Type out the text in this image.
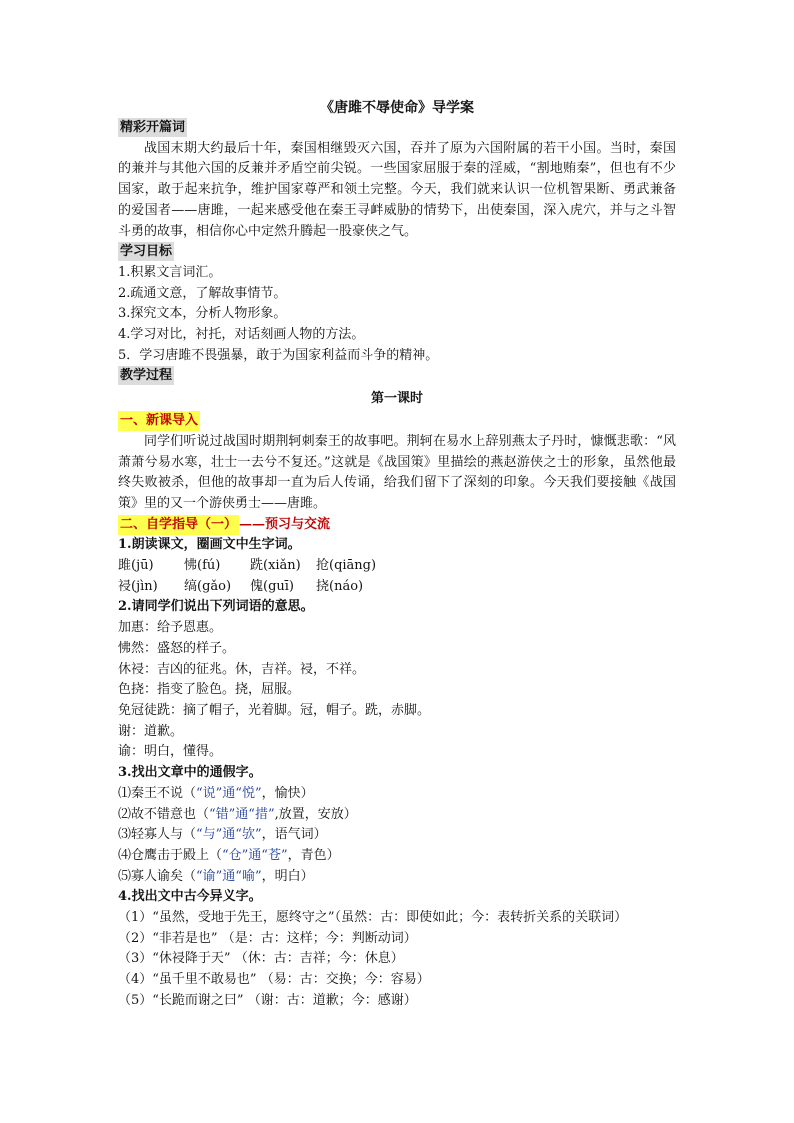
《唐雎不辱使命》导学案
精彩开篇词
战国末期大约最后十年，秦国相继毁灭六国，吞并了原为六国附属的若干小国。当时，秦国的兼并与其他六国的反兼并矛盾空前尖锐。一些国家屈服于秦的淫威，“割地贿秦”，但也有不少国家，敢于起来抗争，维护国家尊严和领土完整。今天，我们就来认识一位机智果断、勇武兼备的爱国者——唐雎，一起来感受他在秦王寻衅威胁的情势下，出使秦国，深入虎穴，并与之斗智斗勇的故事，相信你心中定然升腾起一股豪侠之气。
学习目标
1.积累文言词汇。
2.疏通文意，了解故事情节。
3.探究文本，分析人物形象。
4.学习对比，衬托，对话刻画人物的方法。
5．学习唐雎不畏强暴，敢于为国家利益而斗争的精神。
教学过程
第一课时
一、新课导入
同学们听说过战国时期荆轲刺秦王的故事吧。荆轲在易水上辞别燕太子丹时，慷慨悲歌：“风萧萧兮易水寒，壮士一去兮不复还。”这就是《战国策》里描绘的燕赵游侠之士的形象，虽然他最终失败被杀，但他的故事却一直为后人传诵，给我们留下了深刻的印象。今天我们要接触《战国策》里的又一个游侠勇士——唐雎。
二、自学指导（一） ——预习与交流
1.朗读课文，圈画文中生字词。
雎(jū)	怫(fú)	跣(xiǎn)	抢(qiāng)
祲(jìn)	缟(gǎo)	傀(guī)	挠(náo)
2.请同学们说出下列词语的意思。
加惠：给予恩惠。
怫然：盛怒的样子。
休祲：吉凶的征兆。休，吉祥。祲，不祥。
色挠：指变了脸色。挠，屈服。
免冠徒跣：摘了帽子，光着脚。冠，帽子。跣，赤脚。
谢：道歉。
谕：明白，懂得。
3.找出文章中的通假字。
⑴秦王不说（“说”通“悦”，愉快）
⑵故不错意也（“错”通“措”,放置，安放）
⑶轻寡人与（“与”通“欤”，语气词）
⑷仓鹰击于殿上（“仓”通“苍”，青色）
⑸寡人谕矣（“谕”通“喻”，明白）
4.找出文中古今异义字。
（1）“虽然，受地于先王，愿终守之”（虽然：古：即使如此；今：表转折关系的关联词）
（2）“非若是也” （是：古：这样；今：判断动词）
（3）“休祲降于天” （休：古：吉祥；今：休息）
（4）“虽千里不敢易也” （易：古：交换；今：容易）
（5）“长跪而谢之曰” （谢：古：道歉；今：感谢）
